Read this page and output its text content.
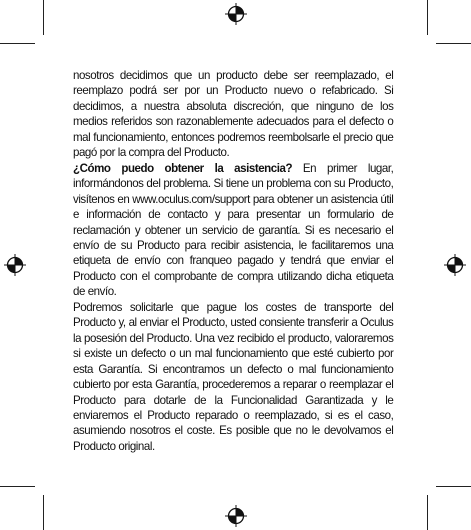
nosotros decidimos que un producto debe ser reemplazado, el reemplazo podrá ser por un Producto nuevo o refabricado. Si decidimos, a nuestra absoluta discreción, que ninguno de los medios referidos son razonablemente adecuados para el defecto o mal funcionamiento, entonces podremos reembolsarle el precio que pagó por la compra del Producto.

¿Cómo puedo obtener la asistencia? En primer lugar, informándonos del problema. Si tiene un problema con su Producto, visítenos en www.oculus.com/support para obtener un asistencia útil e información de contacto y para presentar un formulario de reclamación y obtener un servicio de garantía. Si es necesario el envío de su Producto para recibir asistencia, le facilitaremos una etiqueta de envío con franqueo pagado y tendrá que enviar el Producto con el comprobante de compra utilizando dicha etiqueta de envío.

Podremos solicitarle que pague los costes de transporte del Producto y, al enviar el Producto, usted consiente transferir a Oculus la posesión del Producto. Una vez recibido el producto, valoraremos si existe un defecto o un mal funcionamiento que esté cubierto por esta Garantía. Si encontramos un defecto o mal funcionamiento cubierto por esta Garantía, procederemos a reparar o reemplazar el Producto para dotarle de la Funcionalidad Garantizada y le enviaremos el Producto reparado o reemplazado, si es el caso, asumiendo nosotros el coste. Es posible que no le devolvamos el Producto original.
